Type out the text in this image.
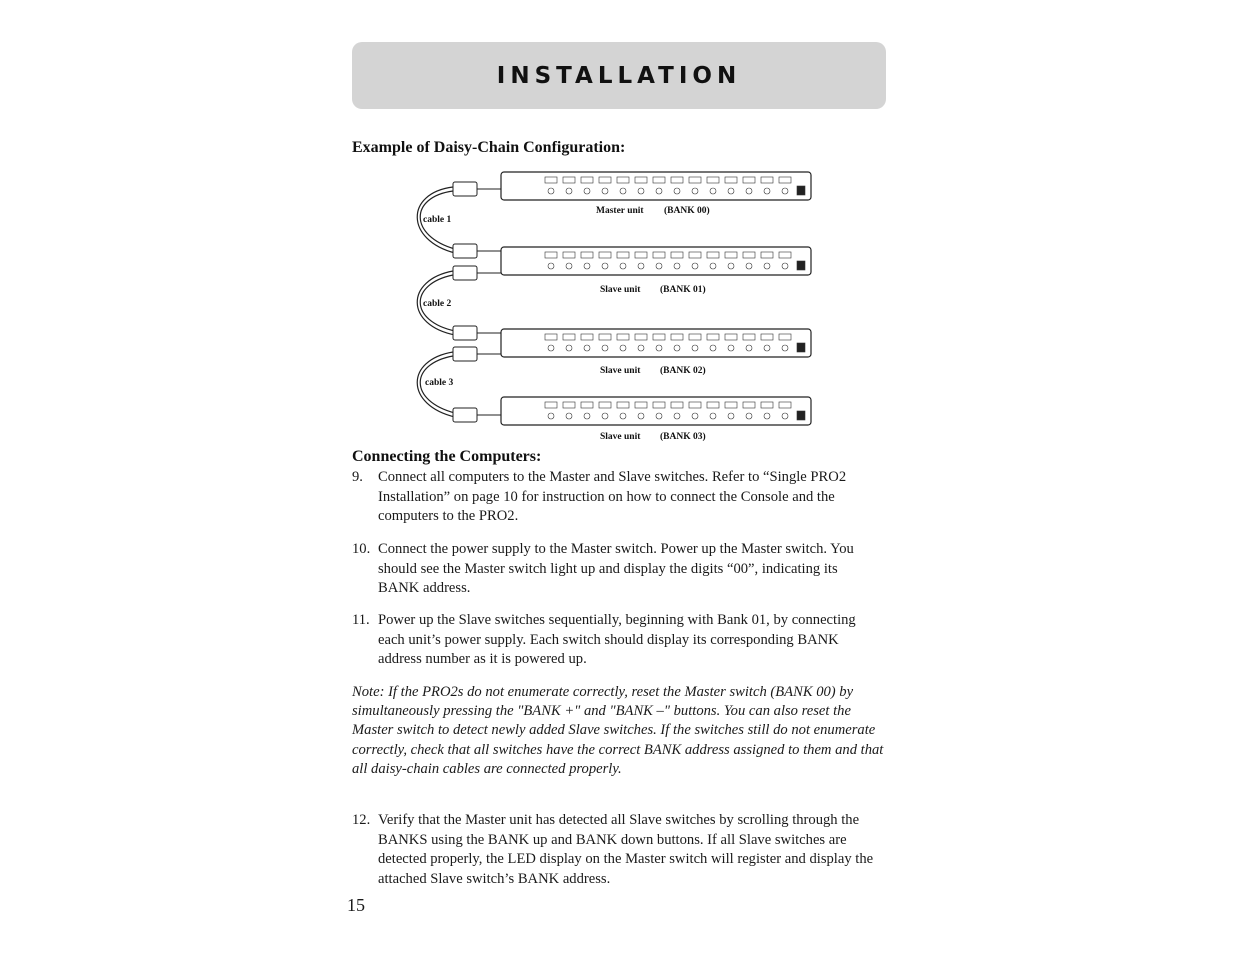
INSTALLATION
Example of Daisy-Chain Configuration:
Master unit (BANK 00)
Slave unit (BANK 01)
Slave unit (BANK 02)
Slave unit (BANK 03)
cable 1
cable 2
cable 3
Connecting the Computers:
9.	Connect all computers to the Master and Slave switches. Refer to “Single PRO2 Installation” on page 10 for instruction on how to connect the Console and the computers to the PRO2.
10. Connect the power supply to the Master switch. Power up the Master switch. You should see the Master switch light up and display the digits “00”, indicating its BANK address.
11. Power up the Slave switches sequentially, beginning with Bank 01, by connecting each unit’s power supply. Each switch should display its corresponding BANK address number as it is powered up.
Note: If the PRO2s do not enumerate correctly, reset the Master switch (BANK 00) by simultaneously pressing the "BANK +" and "BANK –" buttons. You can also reset the Master switch to detect newly added Slave switches. If the switches still do not enumerate correctly, check that all switches have the correct BANK address assigned to them and that all daisy-chain cables are connected properly.
12. Verify that the Master unit has detected all Slave switches by scrolling through the BANKS using the BANK up and BANK down buttons. If all Slave switches are detected properly, the LED display on the Master switch will register and display the attached Slave switch’s BANK address.
15
